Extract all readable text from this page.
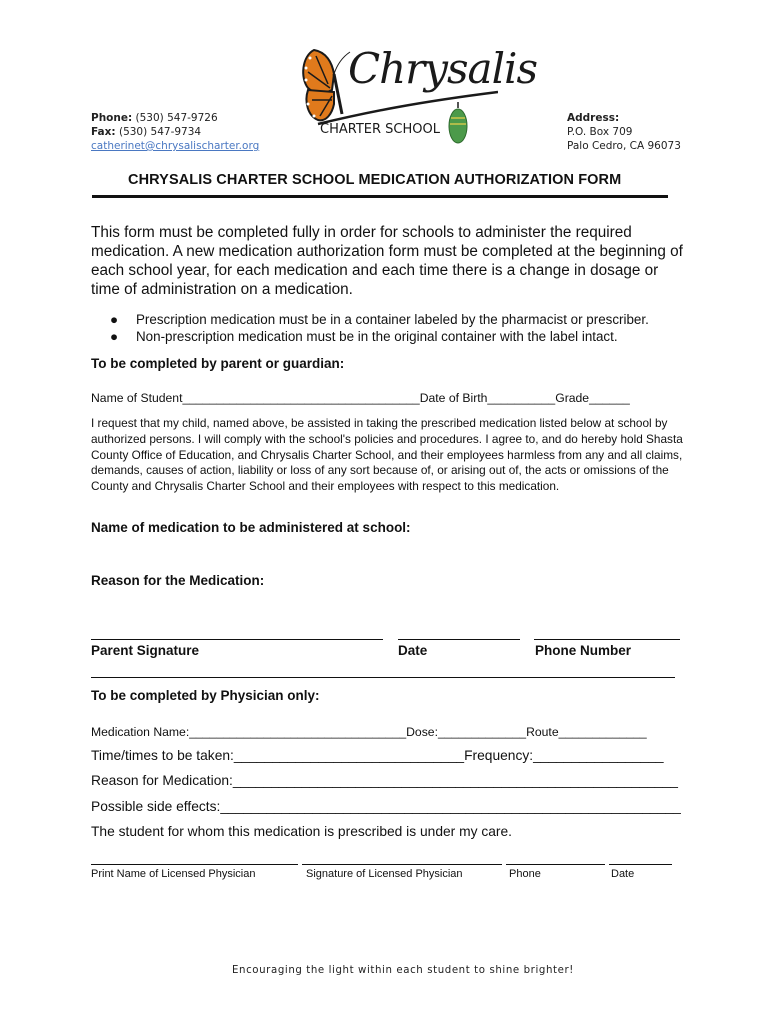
Phone: (530) 547-9726
Fax: (530) 547-9734
catherinet@chrysalischarter.org
Chrysalis
CHARTER SCHOOL
Address:
P.O. Box 709
Palo Cedro, CA 96073
CHRYSALIS CHARTER SCHOOL MEDICATION AUTHORIZATION FORM
This form must be completed fully in order for schools to administer the required medication. A new medication authorization form must be completed at the beginning of each school year, for each medication and each time there is a change in dosage or time of administration on a medication.
●	Prescription medication must be in a container labeled by the pharmacist or prescriber.
●	Non-prescription medication must be in the original container with the label intact.
To be completed by parent or guardian:
Name of Student___________________________________Date of Birth__________Grade______
I request that my child, named above, be assisted in taking the prescribed medication listed below at school by authorized persons. I will comply with the school's policies and procedures. I agree to, and do hereby hold Shasta County Office of Education, and Chrysalis Charter School, and their employees harmless from any and all claims, demands, causes of action, liability or loss of any sort because of, or arising out of, the acts or omissions of the County and Chrysalis Charter School and their employees with respect to this medication.
Name of medication to be administered at school:
Reason for the Medication:
Parent Signature	Date	Phone Number
To be completed by Physician only:
Medication Name:________________________________Dose:_____________Route_____________
Time/times to be taken:______________________________Frequency:_________________
Reason for Medication:__________________________________________________________
Possible side effects:____________________________________________________________
The student for whom this medication is prescribed is under my care.
Print Name of Licensed Physician	Signature of Licensed Physician	Phone	Date
Encouraging the light within each student to shine brighter!
